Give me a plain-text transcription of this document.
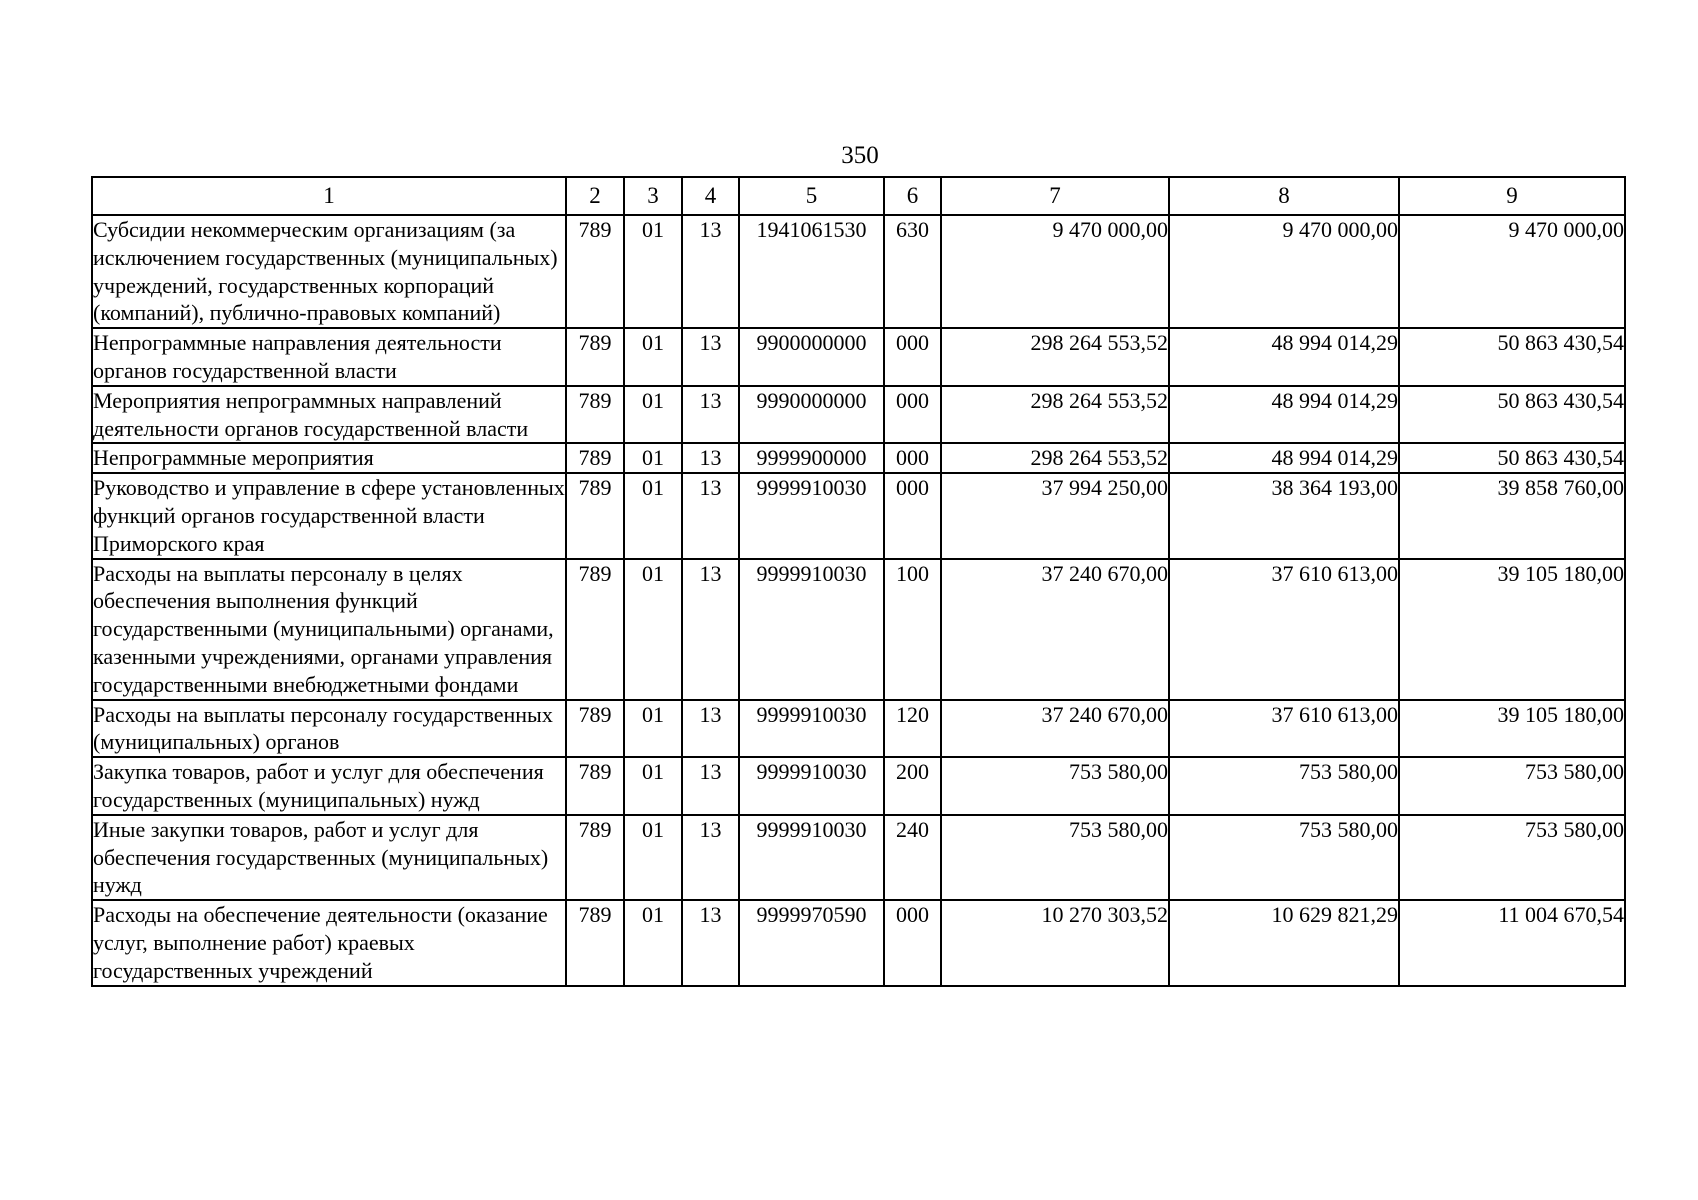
350
1	2	3	4	5	6	7	8	9
Субсидии некоммерческим организациям (за исключением государственных (муниципальных) учреждений, государственных корпораций (компаний), публично-правовых компаний)	789	01	13	1941061530	630	9 470 000,00	9 470 000,00	9 470 000,00
Непрограммные направления деятельности органов государственной власти	789	01	13	9900000000	000	298 264 553,52	48 994 014,29	50 863 430,54
Мероприятия непрограммных направлений деятельности органов государственной власти	789	01	13	9990000000	000	298 264 553,52	48 994 014,29	50 863 430,54
Непрограммные мероприятия	789	01	13	9999900000	000	298 264 553,52	48 994 014,29	50 863 430,54
Руководство и управление в сфере установленных функций органов государственной власти Приморского края	789	01	13	9999910030	000	37 994 250,00	38 364 193,00	39 858 760,00
Расходы на выплаты персоналу в целях обеспечения выполнения функций государственными (муниципальными) органами, казенными учреждениями, органами управления государственными внебюджетными фондами	789	01	13	9999910030	100	37 240 670,00	37 610 613,00	39 105 180,00
Расходы на выплаты персоналу государственных (муниципальных) органов	789	01	13	9999910030	120	37 240 670,00	37 610 613,00	39 105 180,00
Закупка товаров, работ и услуг для обеспечения государственных (муниципальных) нужд	789	01	13	9999910030	200	753 580,00	753 580,00	753 580,00
Иные закупки товаров, работ и услуг для обеспечения государственных (муниципальных) нужд	789	01	13	9999910030	240	753 580,00	753 580,00	753 580,00
Расходы на обеспечение деятельности (оказание услуг, выполнение работ) краевых государственных учреждений	789	01	13	9999970590	000	10 270 303,52	10 629 821,29	11 004 670,54
